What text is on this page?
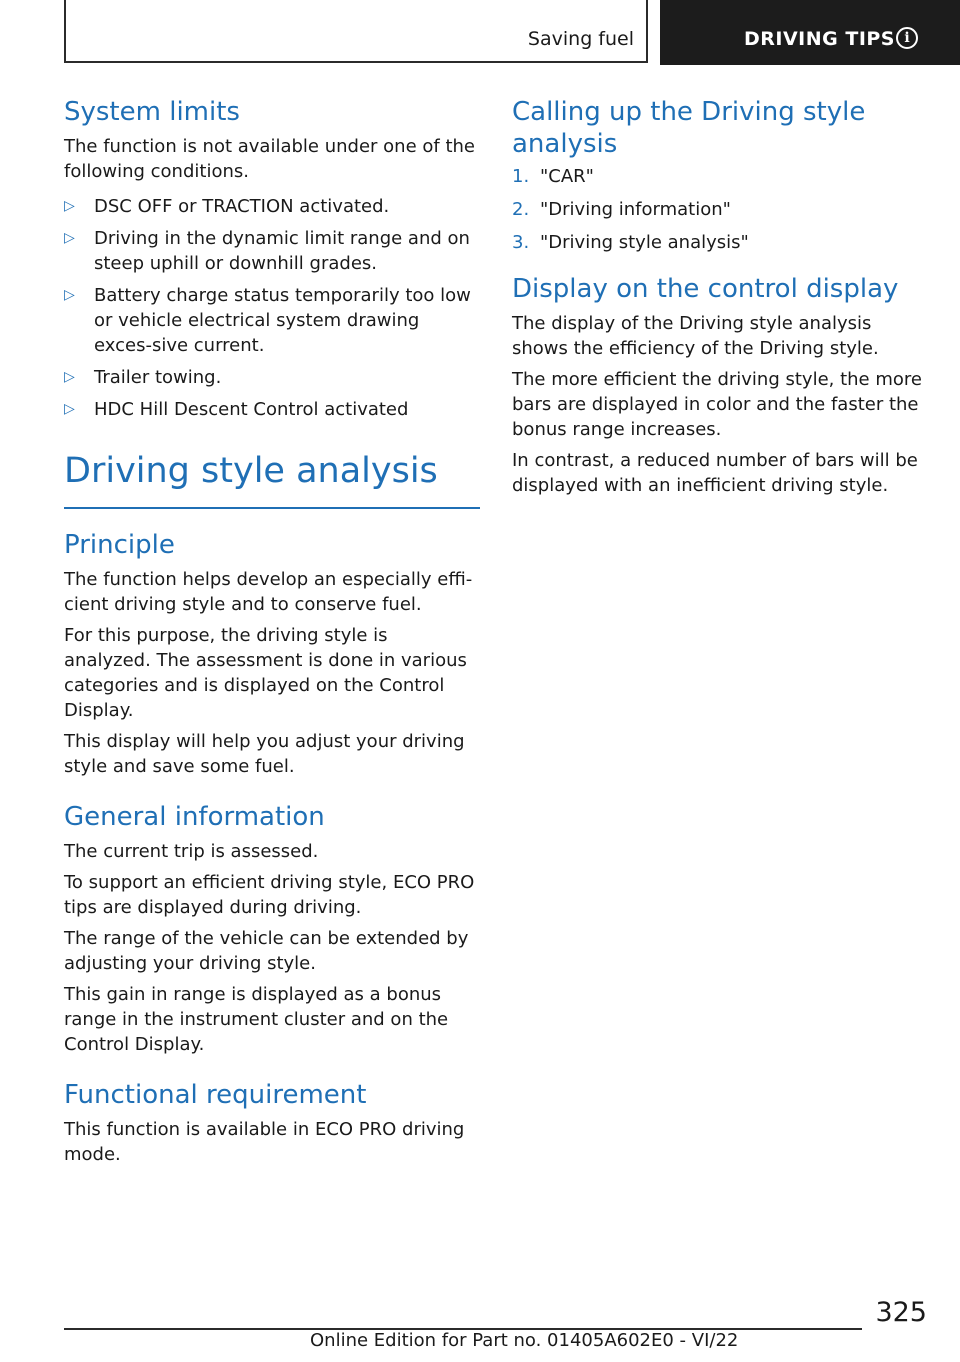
Saving fuel	DRIVING TIPS i
System limits

The function is not available under one of the following conditions.

▷ DSC OFF or TRACTION activated.
▷ Driving in the dynamic limit range and on steep uphill or downhill grades.
▷ Battery charge status temporarily too low or vehicle electrical system drawing exces‐sive current.
▷ Trailer towing.
▷ HDC Hill Descent Control activated
Driving style analysis
Principle

The function helps develop an especially effi‐cient driving style and to conserve fuel.

For this purpose, the driving style is analyzed. The assessment is done in various categories and is displayed on the Control Display.

This display will help you adjust your driving style and save some fuel.

General information

The current trip is assessed.

To support an efficient driving style, ECO PRO tips are displayed during driving.

The range of the vehicle can be extended by adjusting your driving style.

This gain in range is displayed as a bonus range in the instrument cluster and on the Control Display.

Functional requirement

This function is available in ECO PRO driving mode.

Calling up the Driving style analysis
1. "CAR"
2. "Driving information"
3. "Driving style analysis"
Display on the control display

The display of the Driving style analysis shows the efficiency of the Driving style.

The more efficient the driving style, the more bars are displayed in color and the faster the bonus range increases.

In contrast, a reduced number of bars will be displayed with an inefficient driving style.

325
Online Edition for Part no. 01405A602E0 - VI/22
